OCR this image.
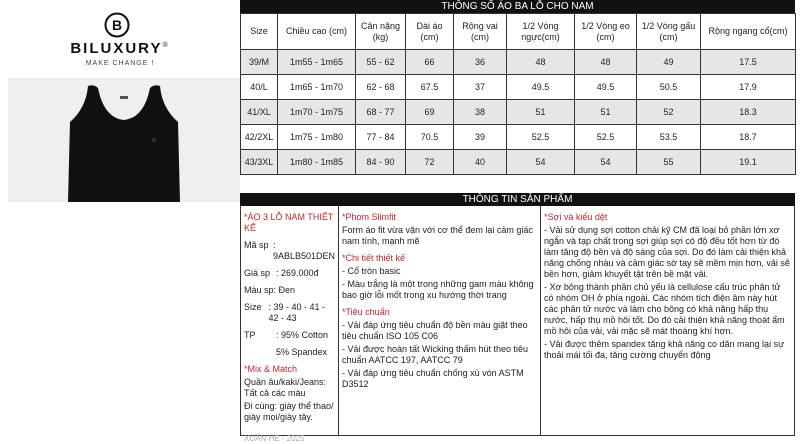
B
BILUXURY®
MAKE CHANGE !
THÔNG SỐ ÁO BA LỖ CHO NAM
Size	Chiều cao (cm)	Cân nặng (kg)	Dài áo (cm)	Rộng vai (cm)	1/2 Vòng ngực(cm)	1/2 Vòng eo (cm)	1/2 Vòng gấu (cm)	Rộng ngang cổ(cm)
39/M	1m55 - 1m65	55 - 62	66	36	48	48	49	17.5
40/L	1m65 - 1m70	62 - 68	67.5	37	49.5	49.5	50.5	17.9
41/XL	1m70 - 1m75	68 - 77	69	38	51	51	52	18.3
42/2XL	1m75 - 1m80	77 - 84	70.5	39	52.5	52.5	53.5	18.7
43/3XL	1m80 - 1m85	84 - 90	72	40	54	54	55	19.1
THÔNG TIN SẢN PHẨM
*ÁO 3 LỖ NAM THIẾT KẾ
Mã sp : 9ABLB501DEN
Giá sp : 269.000đ
Màu sp: Đen
Size : 39 - 40 - 41 - 42 - 43
TP	: 95% Cotton
5% Spandex
*Mix & Match
Quần âu/kaki/Jeans: Tất cả các màu
Đi cùng: giày thể thao/ giày mọi/giày tây.
XUÂN HÈ - 2025
*Phom Slimfit
Form áo fit vừa vặn với cơ thể đem lại cảm giác nam tính, mạnh mẽ
*Chi tiết thiết kế
- Cổ tròn basic
- Màu trắng là một trong những gam màu không bao giờ lỗi mốt trong xu hướng thời trang
*Tiêu chuẩn
- Vải đáp ứng tiêu chuẩn độ bền màu giặt theo tiêu chuẩn ISO 105 C06
- Vải được hoàn tất Wicking thấm hút theo tiêu chuẩn AATCC 197, AATCC 79
- Vải đáp ứng tiêu chuẩn chống xù vón ASTM D3512
*Sợi và kiểu dệt
- Vải sử dụng sợi cotton chải kỹ CM đã loại bỏ phần lớn xơ ngắn và tạp chất trong sợi giúp sợi có độ đều tốt hơn từ đó làm tăng độ bền và độ sáng của sợi. Do đó làm cải thiện khả năng chống nhàu và cảm giác sờ tay sẽ mềm mịn hơn, vải sẽ bền hơn, giảm khuyết tật trên bề mặt vải.
- Xơ bông thành phần chủ yếu là cellulose cấu trúc phân tử có nhóm OH ở phía ngoài. Các nhóm tích điện âm này hút các phân tử nước và làm cho bông có khả năng hấp thụ nước, hấp thụ mồ hôi tốt. Do đó cải thiện khả năng thoát ẩm mồ hôi của vải, vải mặc sẽ mát thoáng khí hơn.
- Vải được thêm spandex tăng khả năng co dãn mang lại sự thoải mái tối đa, tăng cường chuyển động
